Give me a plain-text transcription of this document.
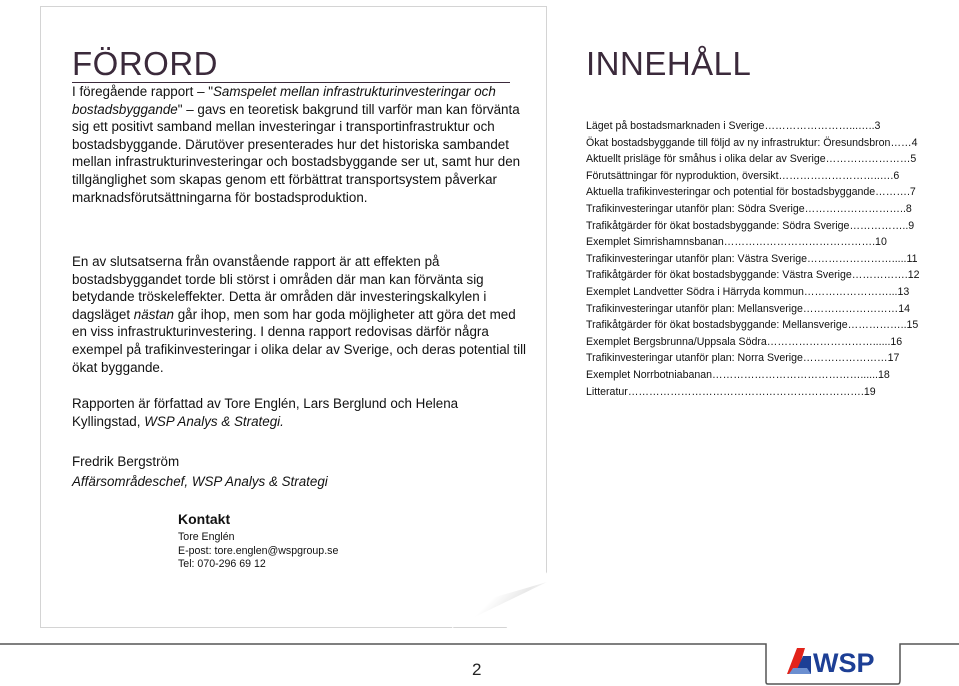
FÖRORD
I föregående rapport – "Samspelet mellan infrastrukturinvesteringar och
bostadsbyggande" – gavs en teoretisk bakgrund till varför man kan förvänta
sig ett positivt samband mellan investeringar i transportinfrastruktur och
bostadsbyggande. Därutöver presenterades hur det historiska sambandet
mellan infrastrukturinvesteringar och bostadsbyggande ser ut, samt hur den
tillgänglighet som skapas genom ett förbättrat transportsystem påverkar
marknadsförutsättningarna för bostadsproduktion.
En av slutsatserna från ovanstående rapport är att effekten på
bostadsbyggandet torde bli störst i områden där man kan förvänta sig
betydande tröskeleffekter. Detta är områden där investeringskalkylen i
dagsläget nästan går ihop, men som har goda möjligheter att göra det med
en viss infrastrukturinvestering. I denna rapport redovisas därför några
exempel på trafikinvesteringar i olika delar av Sverige, och deras potential till
ökat byggande.
Rapporten är författad av Tore Englén, Lars Berglund och Helena
Kyllingstad, WSP Analys & Strategi.
Fredrik Bergström
Affärsområdeschef, WSP Analys & Strategi
Kontakt
Tore Englén
E-post: tore.englen@wspgroup.se
Tel: 070-296 69 12
INNEHÅLL
Läget på bostadsmarknaden i Sverige……………………...…..3
Ökat bostadsbyggande till följd av ny infrastruktur: Öresundsbron……4
Aktuellt prisläge för småhus i olika delar av Sverige……………………5
Förutsättningar för nyproduktion, översikt………………………..….6
Aktuella trafikinvesteringar och potential för bostadsbyggande……….7
Trafikinvesteringar utanför plan: Södra Sverige………………………..8
Trafikåtgärder för ökat bostadsbyggande: Södra Sverige……………..9
Exemplet Simrishamnsbanan…………………………………….10
Trafikinvesteringar utanför plan: Västra Sverige…………………….....11
Trafikåtgärder för ökat bostadsbyggande: Västra Sverige…………….12
Exemplet Landvetter Södra i Härryda kommun……………………...13
Trafikinvesteringar utanför plan: Mellansverige………………………14
Trafikåtgärder för ökat bostadsbyggande: Mellansverige……………..15
Exemplet Bergsbrunna/Uppsala Södra…………………………......16
Trafikinvesteringar utanför plan: Norra Sverige……………………17
Exemplet Norrbotniabanan……………………………………......18
Litteratur………………………………………………………….19
2	WSP
